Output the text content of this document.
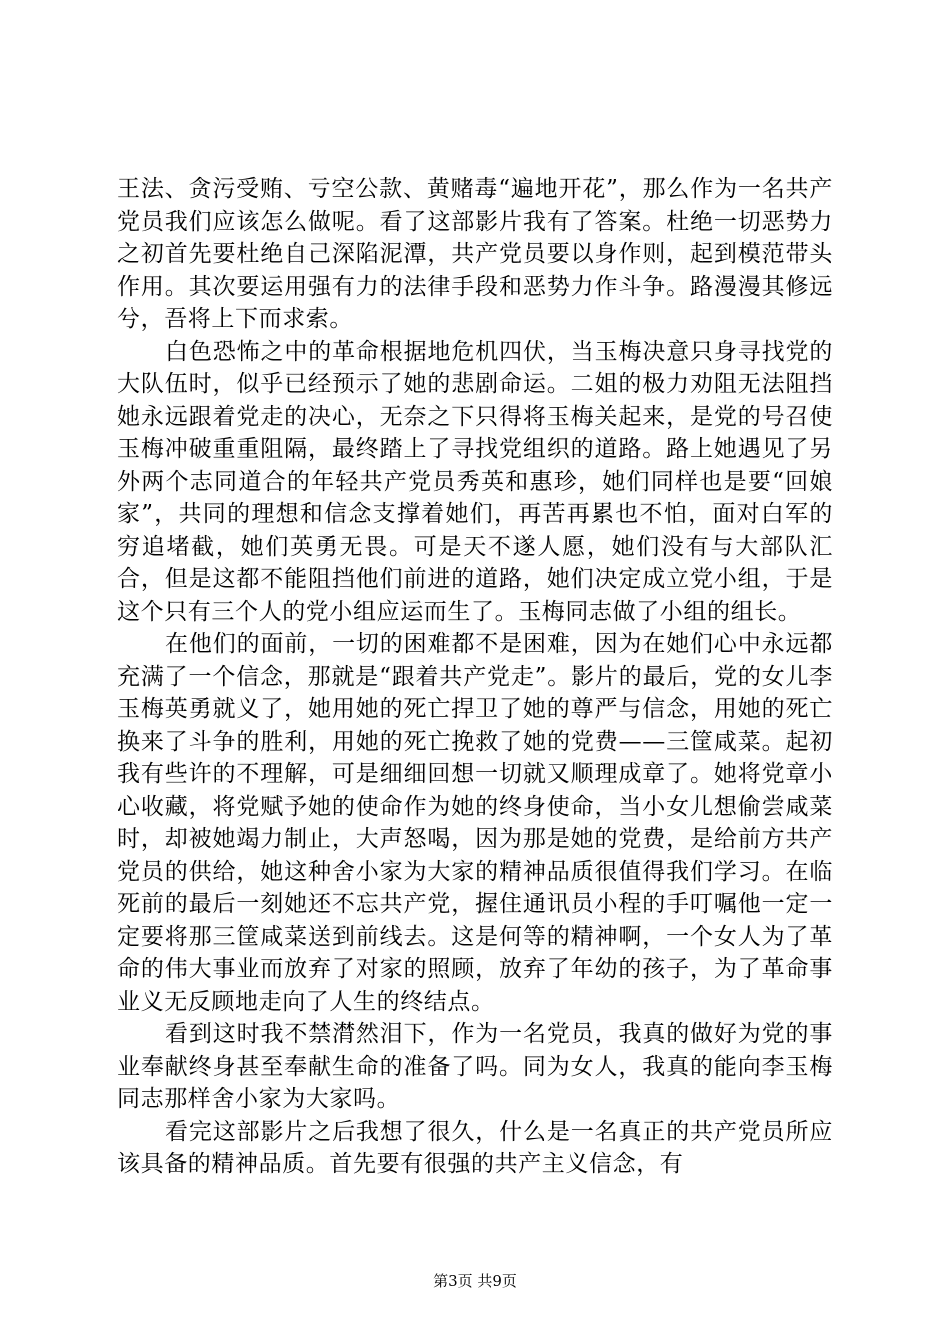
王法、贪污受贿、亏空公款、黄赌毒“遍地开花”，那么作为一名共产党员我们应该怎么做呢。看了这部影片我有了答案。杜绝一切恶势力之初首先要杜绝自己深陷泥潭，共产党员要以身作则，起到模范带头作用。其次要运用强有力的法律手段和恶势力作斗争。路漫漫其修远兮，吾将上下而求索。

白色恐怖之中的革命根据地危机四伏，当玉梅决意只身寻找党的大队伍时，似乎已经预示了她的悲剧命运。二姐的极力劝阻无法阻挡她永远跟着党走的决心，无奈之下只得将玉梅关起来，是党的号召使玉梅冲破重重阻隔，最终踏上了寻找党组织的道路。路上她遇见了另外两个志同道合的年轻共产党员秀英和惠珍，她们同样也是要“回娘家”，共同的理想和信念支撑着她们，再苦再累也不怕，面对白军的穷追堵截，她们英勇无畏。可是天不遂人愿，她们没有与大部队汇合，但是这都不能阻挡他们前进的道路，她们决定成立党小组，于是这个只有三个人的党小组应运而生了。玉梅同志做了小组的组长。

在他们的面前，一切的困难都不是困难，因为在她们心中永远都充满了一个信念，那就是“跟着共产党走”。影片的最后，党的女儿李玉梅英勇就义了，她用她的死亡捍卫了她的尊严与信念，用她的死亡换来了斗争的胜利，用她的死亡挽救了她的党费——三筐咸菜。起初我有些许的不理解，可是细细回想一切就又顺理成章了。她将党章小心收藏，将党赋予她的使命作为她的终身使命，当小女儿想偷尝咸菜时，却被她竭力制止，大声怒喝，因为那是她的党费，是给前方共产党员的供给，她这种舍小家为大家的精神品质很值得我们学习。在临死前的最后一刻她还不忘共产党，握住通讯员小程的手叮嘱他一定一定要将那三筐咸菜送到前线去。这是何等的精神啊，一个女人为了革命的伟大事业而放弃了对家的照顾，放弃了年幼的孩子，为了革命事业义无反顾地走向了人生的终结点。

看到这时我不禁潸然泪下，作为一名党员，我真的做好为党的事业奉献终身甚至奉献生命的准备了吗。同为女人，我真的能向李玉梅同志那样舍小家为大家吗。

看完这部影片之后我想了很久，什么是一名真正的共产党员所应该具备的精神品质。首先要有很强的共产主义信念，有

第3页 共9页
